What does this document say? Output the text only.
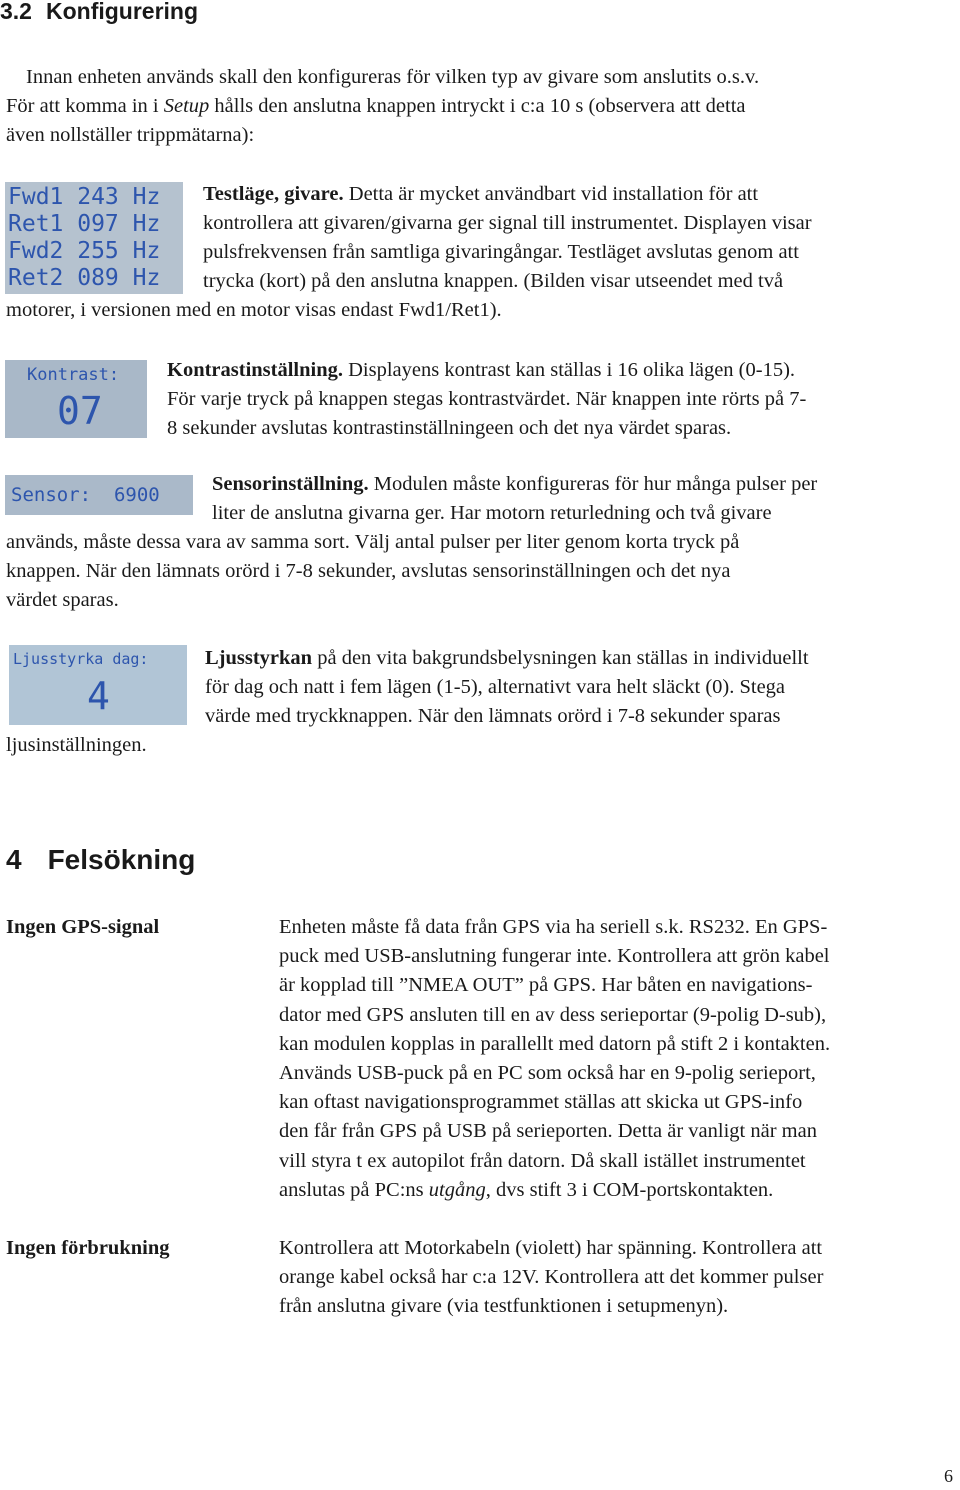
3.2 Konfigurering
Innan enheten används skall den konfigureras för vilken typ av givare som anslutits o.s.v.
För att komma in i Setup hålls den anslutna knappen intryckt i c:a 10 s (observera att detta
även nollställer trippmätarna):
Fwd1 243 Hz
Ret1 097 Hz
Fwd2 255 Hz
Ret2 089 Hz
Testläge, givare. Detta är mycket användbart vid installation för att
kontrollera att givaren/givarna ger signal till instrumentet. Displayen visar
pulsfrekvensen från samtliga givaringångar. Testläget avslutas genom att
trycka (kort) på den anslutna knappen. (Bilden visar utseendet med två
motorer, i versionen med en motor visas endast Fwd1/Ret1).
Kontrast:
07
Kontrastinställning. Displayens kontrast kan ställas i 16 olika lägen (0-15).
För varje tryck på knappen stegas kontrastvärdet. När knappen inte rörts på 7-
8 sekunder avslutas kontrastinställningeen och det nya värdet sparas.
Sensor:  6900	Sensorinställning. Modulen måste konfigureras för hur många pulser per
liter de anslutna givarna ger. Har motorn returledning och två givare
används, måste dessa vara av samma sort. Välj antal pulser per liter genom korta tryck på
knappen. När den lämnats orörd i 7-8 sekunder, avslutas sensorinställningen och det nya
värdet sparas.
Ljusstyrka dag:
4
Ljusstyrkan på den vita bakgrundsbelysningen kan ställas in individuellt
för dag och natt i fem lägen (1-5), alternativt vara helt släckt (0). Stega
värde med tryckknappen. När den lämnats orörd i 7-8 sekunder sparas
ljusinställningen.
4 Felsökning
Ingen GPS-signal	Enheten måste få data från GPS via ha seriell s.k. RS232. En GPS-
puck med USB-anslutning fungerar inte. Kontrollera att grön kabel
är kopplad till ”NMEA OUT” på GPS. Har båten en navigations-
dator med GPS ansluten till en av dess serieportar (9-polig D-sub),
kan modulen kopplas in parallellt med datorn på stift 2 i kontakten.
Används USB-puck på en PC som också har en 9-polig serieport,
kan oftast navigationsprogrammet ställas att skicka ut GPS-info
den får från GPS på USB på serieporten. Detta är vanligt när man
vill styra t ex autopilot från datorn. Då skall istället instrumentet
anslutas på PC:ns utgång, dvs stift 3 i COM-portskontakten.
Ingen förbrukning	Kontrollera att Motorkabeln (violett) har spänning. Kontrollera att
orange kabel också har c:a 12V. Kontrollera att det kommer pulser
från anslutna givare (via testfunktionen i setupmenyn).
6
